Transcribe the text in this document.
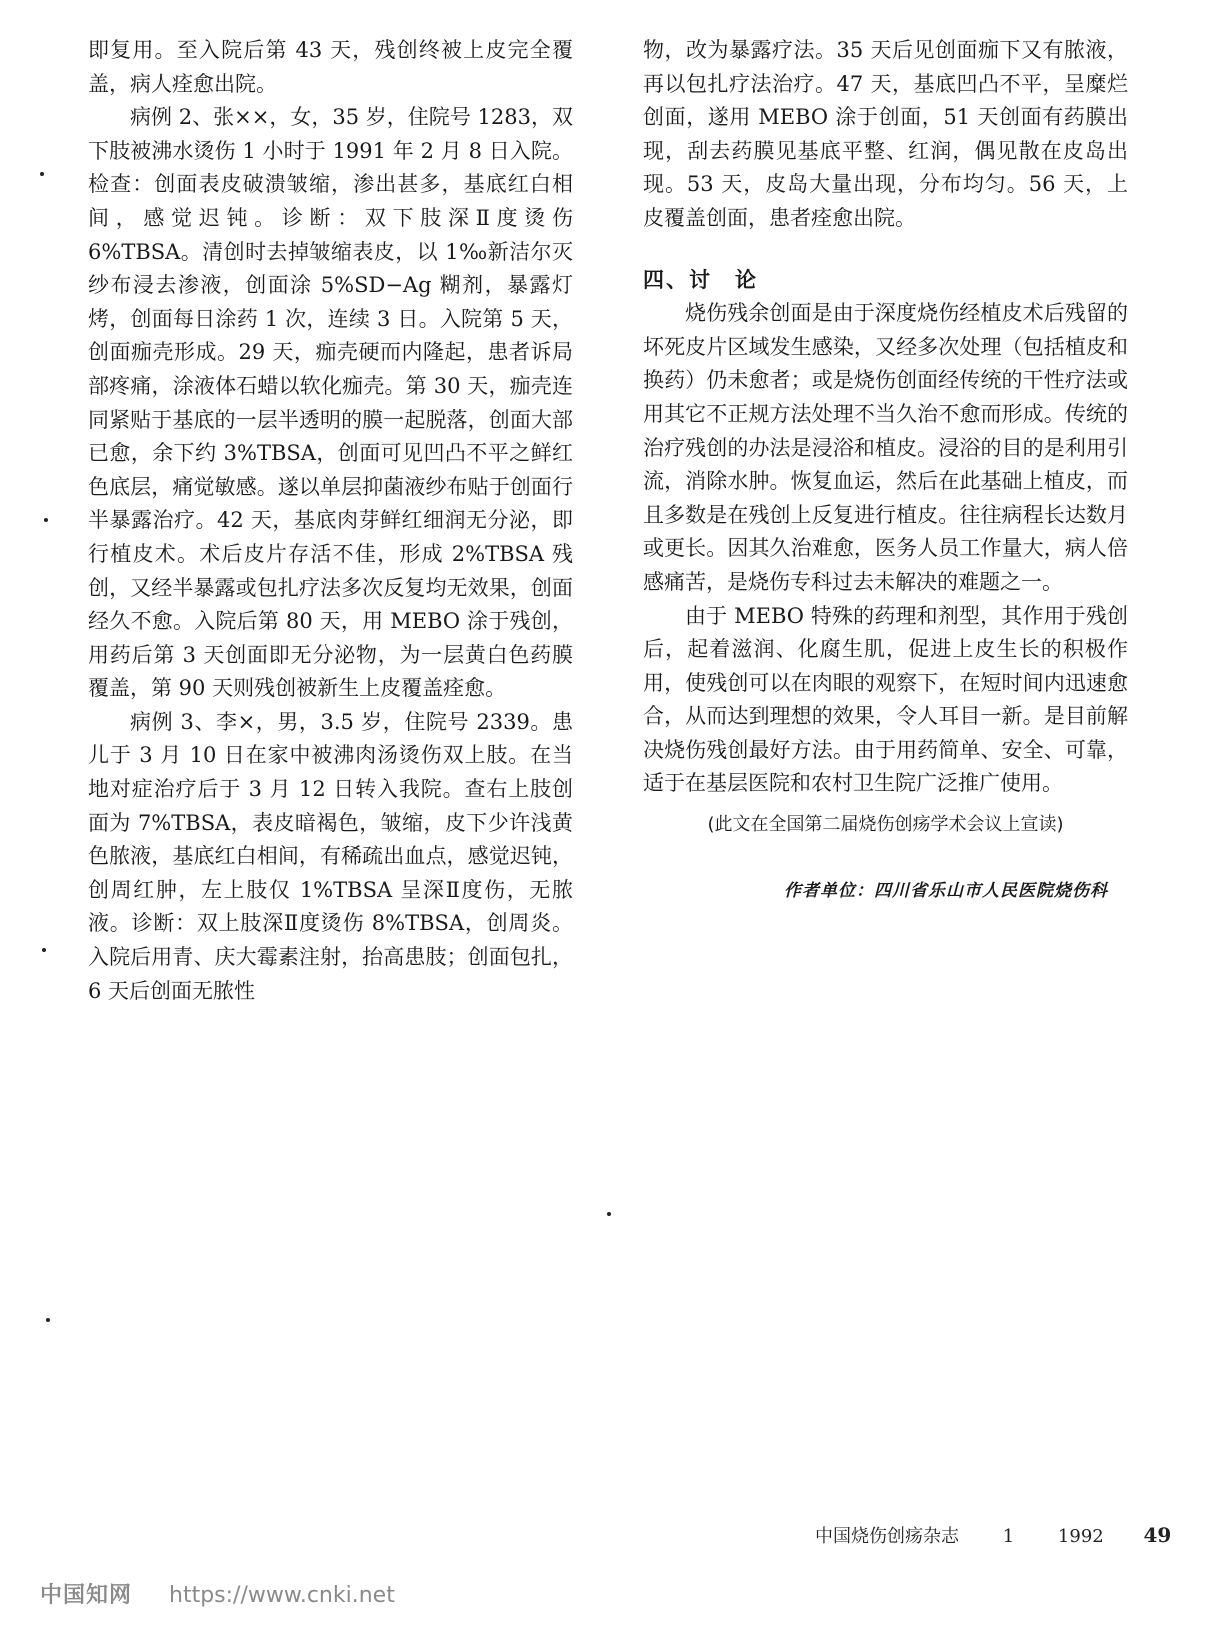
即复用。至入院后第 43 天，残创终被上皮完全覆盖，病人痊愈出院。

病例 2、张××，女，35 岁，住院号 1283，双下肢被沸水烫伤 1 小时于 1991 年 2 月 8 日入院。检查：创面表皮破溃皱缩，渗出甚多，基底红白相间，感觉迟钝。诊断：双下肢深Ⅱ度烫伤 6%TBSA。清创时去掉皱缩表皮，以 1‰新洁尔灭纱布浸去渗液，创面涂 5%SD−Ag 糊剂，暴露灯烤，创面每日涂药 1 次，连续 3 日。入院第 5 天，创面痂壳形成。29 天，痂壳硬而内隆起，患者诉局部疼痛，涂液体石蜡以软化痂壳。第 30 天，痂壳连同紧贴于基底的一层半透明的膜一起脱落，创面大部已愈，余下约 3%TBSA，创面可见凹凸不平之鲜红色底层，痛觉敏感。遂以单层抑菌液纱布贴于创面行半暴露治疗。42 天，基底肉芽鲜红细润无分泌，即行植皮术。术后皮片存活不佳，形成 2%TBSA 残创，又经半暴露或包扎疗法多次反复均无效果，创面经久不愈。入院后第 80 天，用 MEBO 涂于残创，用药后第 3 天创面即无分泌物，为一层黄白色药膜覆盖，第 90 天则残创被新生上皮覆盖痊愈。

病例 3、李×，男，3.5 岁，住院号 2339。患儿于 3 月 10 日在家中被沸肉汤烫伤双上肢。在当地对症治疗后于 3 月 12 日转入我院。查右上肢创面为 7%TBSA，表皮暗褐色，皱缩，皮下少许浅黄色脓液，基底红白相间，有稀疏出血点，感觉迟钝，创周红肿，左上肢仅 1%TBSA 呈深Ⅱ度伤，无脓液。诊断：双上肢深Ⅱ度烫伤 8%TBSA，创周炎。入院后用青、庆大霉素注射，抬高患肢；创面包扎，6 天后创面无脓性

物，改为暴露疗法。35 天后见创面痂下又有脓液，再以包扎疗法治疗。47 天，基底凹凸不平，呈糜烂创面，遂用 MEBO 涂于创面，51 天创面有药膜出现，刮去药膜见基底平整、红润，偶见散在皮岛出现。53 天，皮岛大量出现，分布均匀。56 天，上皮覆盖创面，患者痊愈出院。

四、讨　论

烧伤残余创面是由于深度烧伤经植皮术后残留的坏死皮片区域发生感染，又经多次处理（包括植皮和换药）仍未愈者；或是烧伤创面经传统的干性疗法或用其它不正规方法处理不当久治不愈而形成。传统的治疗残创的办法是浸浴和植皮。浸浴的目的是利用引流，消除水肿。恢复血运，然后在此基础上植皮，而且多数是在残创上反复进行植皮。往往病程长达数月或更长。因其久治难愈，医务人员工作量大，病人倍感痛苦，是烧伤专科过去未解决的难题之一。

由于 MEBO 特殊的药理和剂型，其作用于残创后，起着滋润、化腐生肌，促进上皮生长的积极作用，使残创可以在肉眼的观察下，在短时间内迅速愈合，从而达到理想的效果，令人耳目一新。是目前解决烧伤残创最好方法。由于用药简单、安全、可靠，适于在基层医院和农村卫生院广泛推广使用。

(此文在全国第二届烧伤创疡学术会议上宣读)
作者单位：四川省乐山市人民医院烧伤科
中国烧伤创疡杂志 1 1992 49
中国知网 https://www.cnki.net
